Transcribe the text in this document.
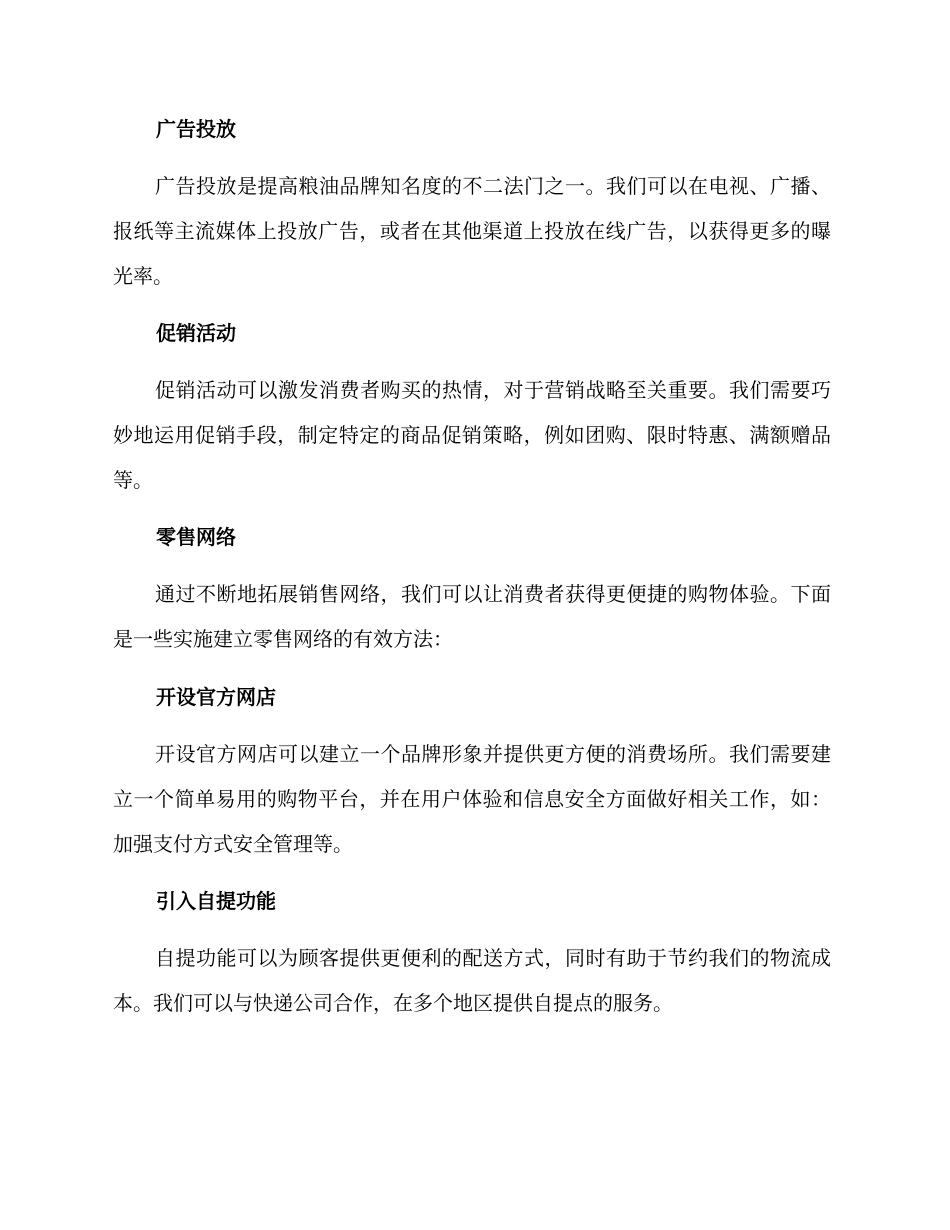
广告投放

广告投放是提高粮油品牌知名度的不二法门之一。我们可以在电视、广播、报纸等主流媒体上投放广告，或者在其他渠道上投放在线广告，以获得更多的曝光率。

促销活动

促销活动可以激发消费者购买的热情，对于营销战略至关重要。我们需要巧妙地运用促销手段，制定特定的商品促销策略，例如团购、限时特惠、满额赠品等。

零售网络

通过不断地拓展销售网络，我们可以让消费者获得更便捷的购物体验。下面是一些实施建立零售网络的有效方法：

开设官方网店

开设官方网店可以建立一个品牌形象并提供更方便的消费场所。我们需要建立一个简单易用的购物平台，并在用户体验和信息安全方面做好相关工作，如：加强支付方式安全管理等。

引入自提功能

自提功能可以为顾客提供更便利的配送方式，同时有助于节约我们的物流成本。我们可以与快递公司合作，在多个地区提供自提点的服务。
